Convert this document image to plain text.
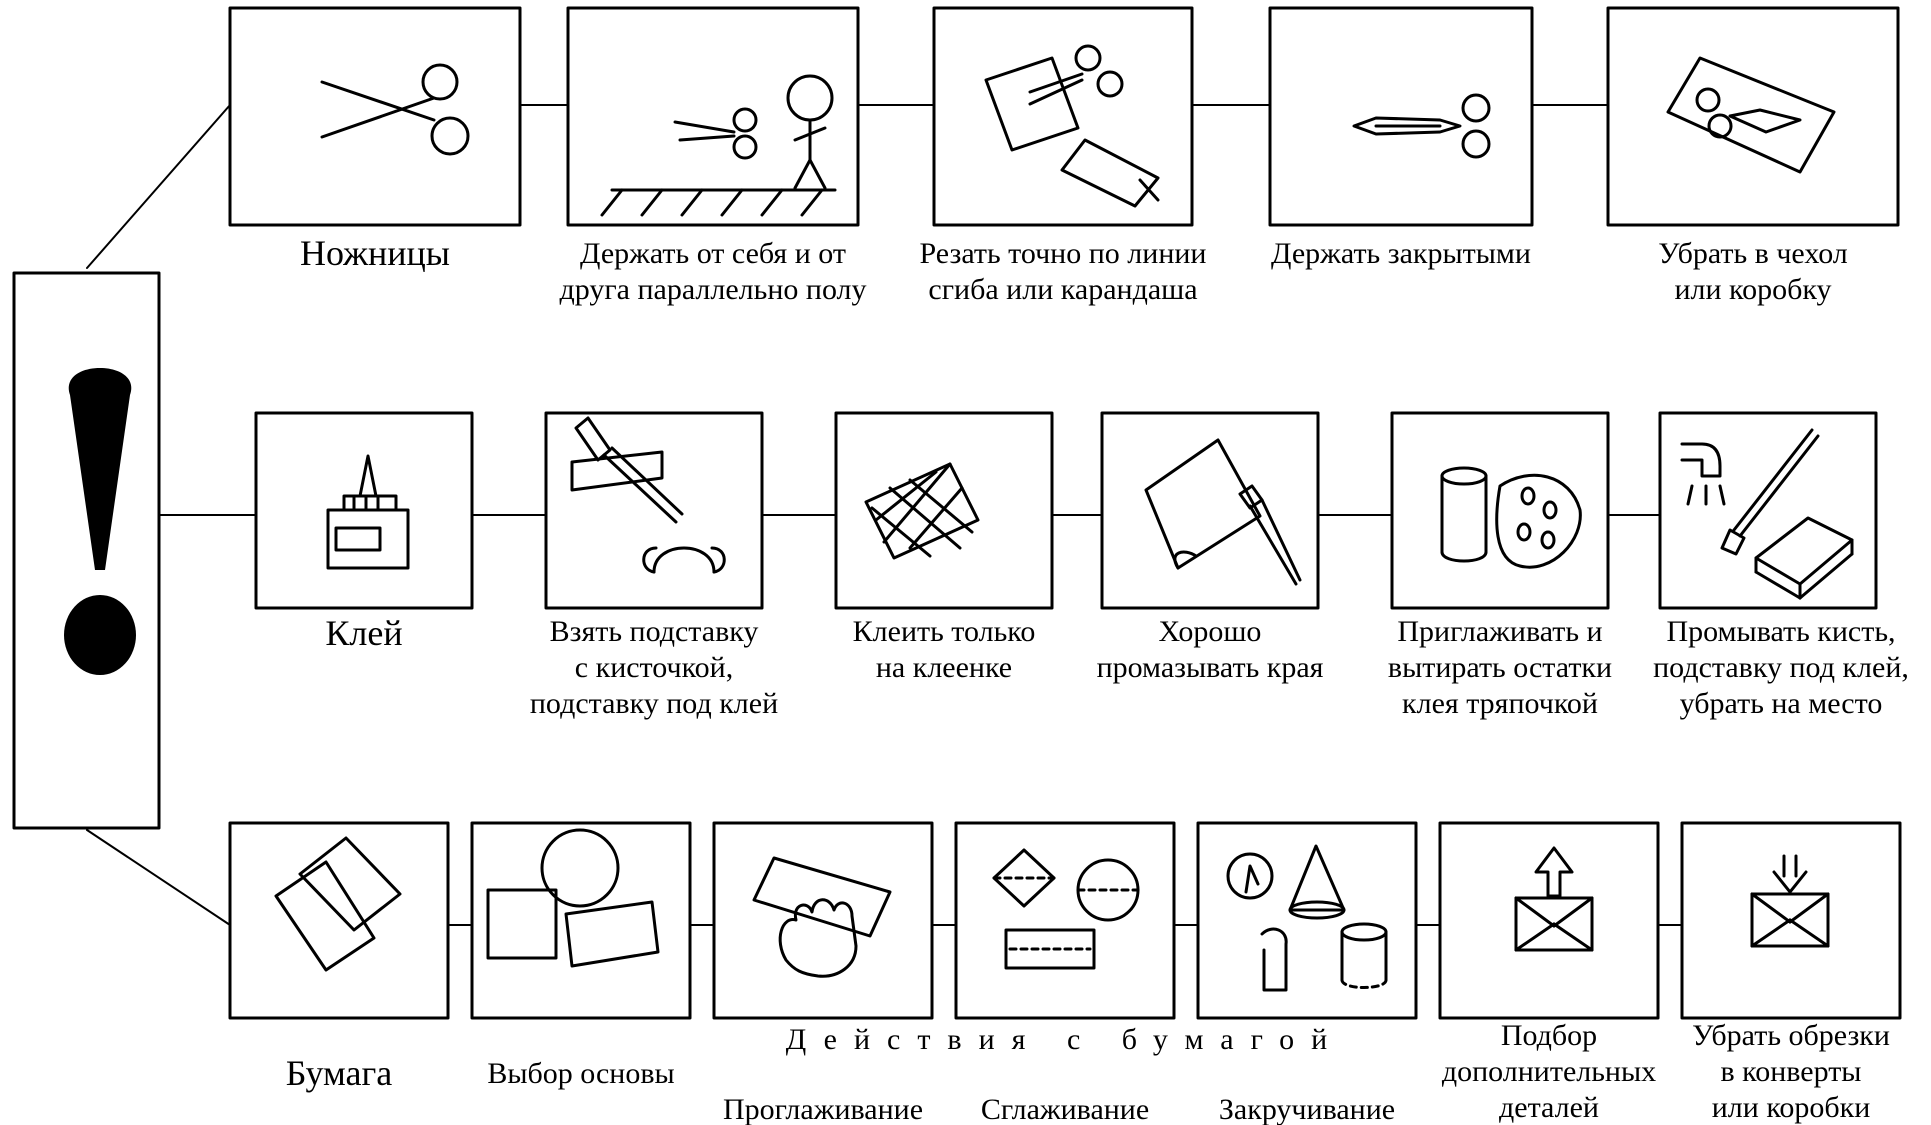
Ножницы	Держать от себя и от
друга параллельно полу
Резать точно по линии
сгиба или карандаша
Держать закрытыми	Убрать в чехол
или коробку
Клей	Взять подставку
с кисточкой,
подставку под клей
Клеить только
на клеенке
Хорошо
промазывать края
Приглаживать и
вытирать остатки
клея тряпочкой
Промывать кисть,
подставку под клей,
убрать на место
Бумага	Выбор основы
Действия с бумагой
Проглаживание	Сглаживание	Закручивание
Подбор
дополнительных
деталей
Убрать обрезки
в конверты
или коробки
